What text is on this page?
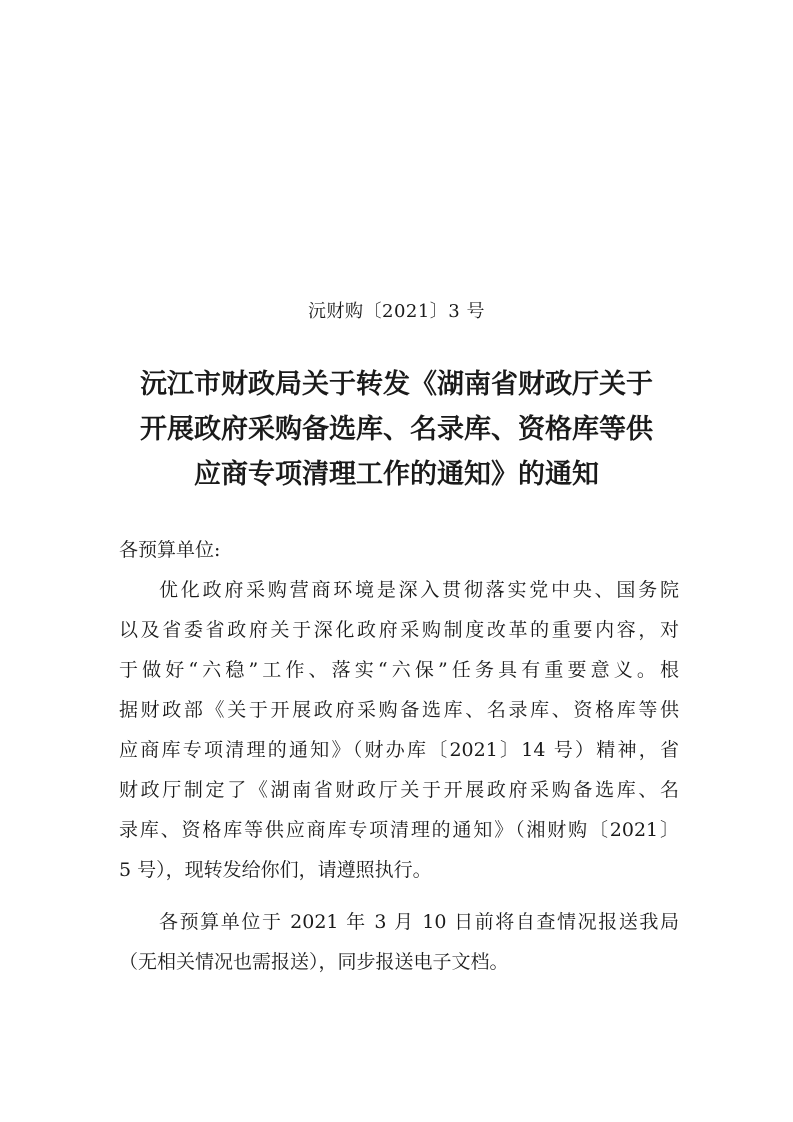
沅财购〔2021〕3 号
沅江市财政局关于转发《湖南省财政厅关于
开展政府采购备选库、名录库、资格库等供
应商专项清理工作的通知》的通知
各预算单位:
优化政府采购营商环境是深入贯彻落实党中央、国务院
以及省委省政府关于深化政府采购制度改革的重要内容，对
于做好“六稳”工作、落实“六保”任务具有重要意义。根
据财政部《关于开展政府采购备选库、名录库、资格库等供
应商库专项清理的通知》（财办库〔2021〕14 号）精神，省
财政厅制定了《湖南省财政厅关于开展政府采购备选库、名
录库、资格库等供应商库专项清理的通知》（湘财购〔2021〕
5 号），现转发给你们，请遵照执行。
各预算单位于 2021 年 3 月 10 日前将自查情况报送我局
（无相关情况也需报送），同步报送电子文档。
